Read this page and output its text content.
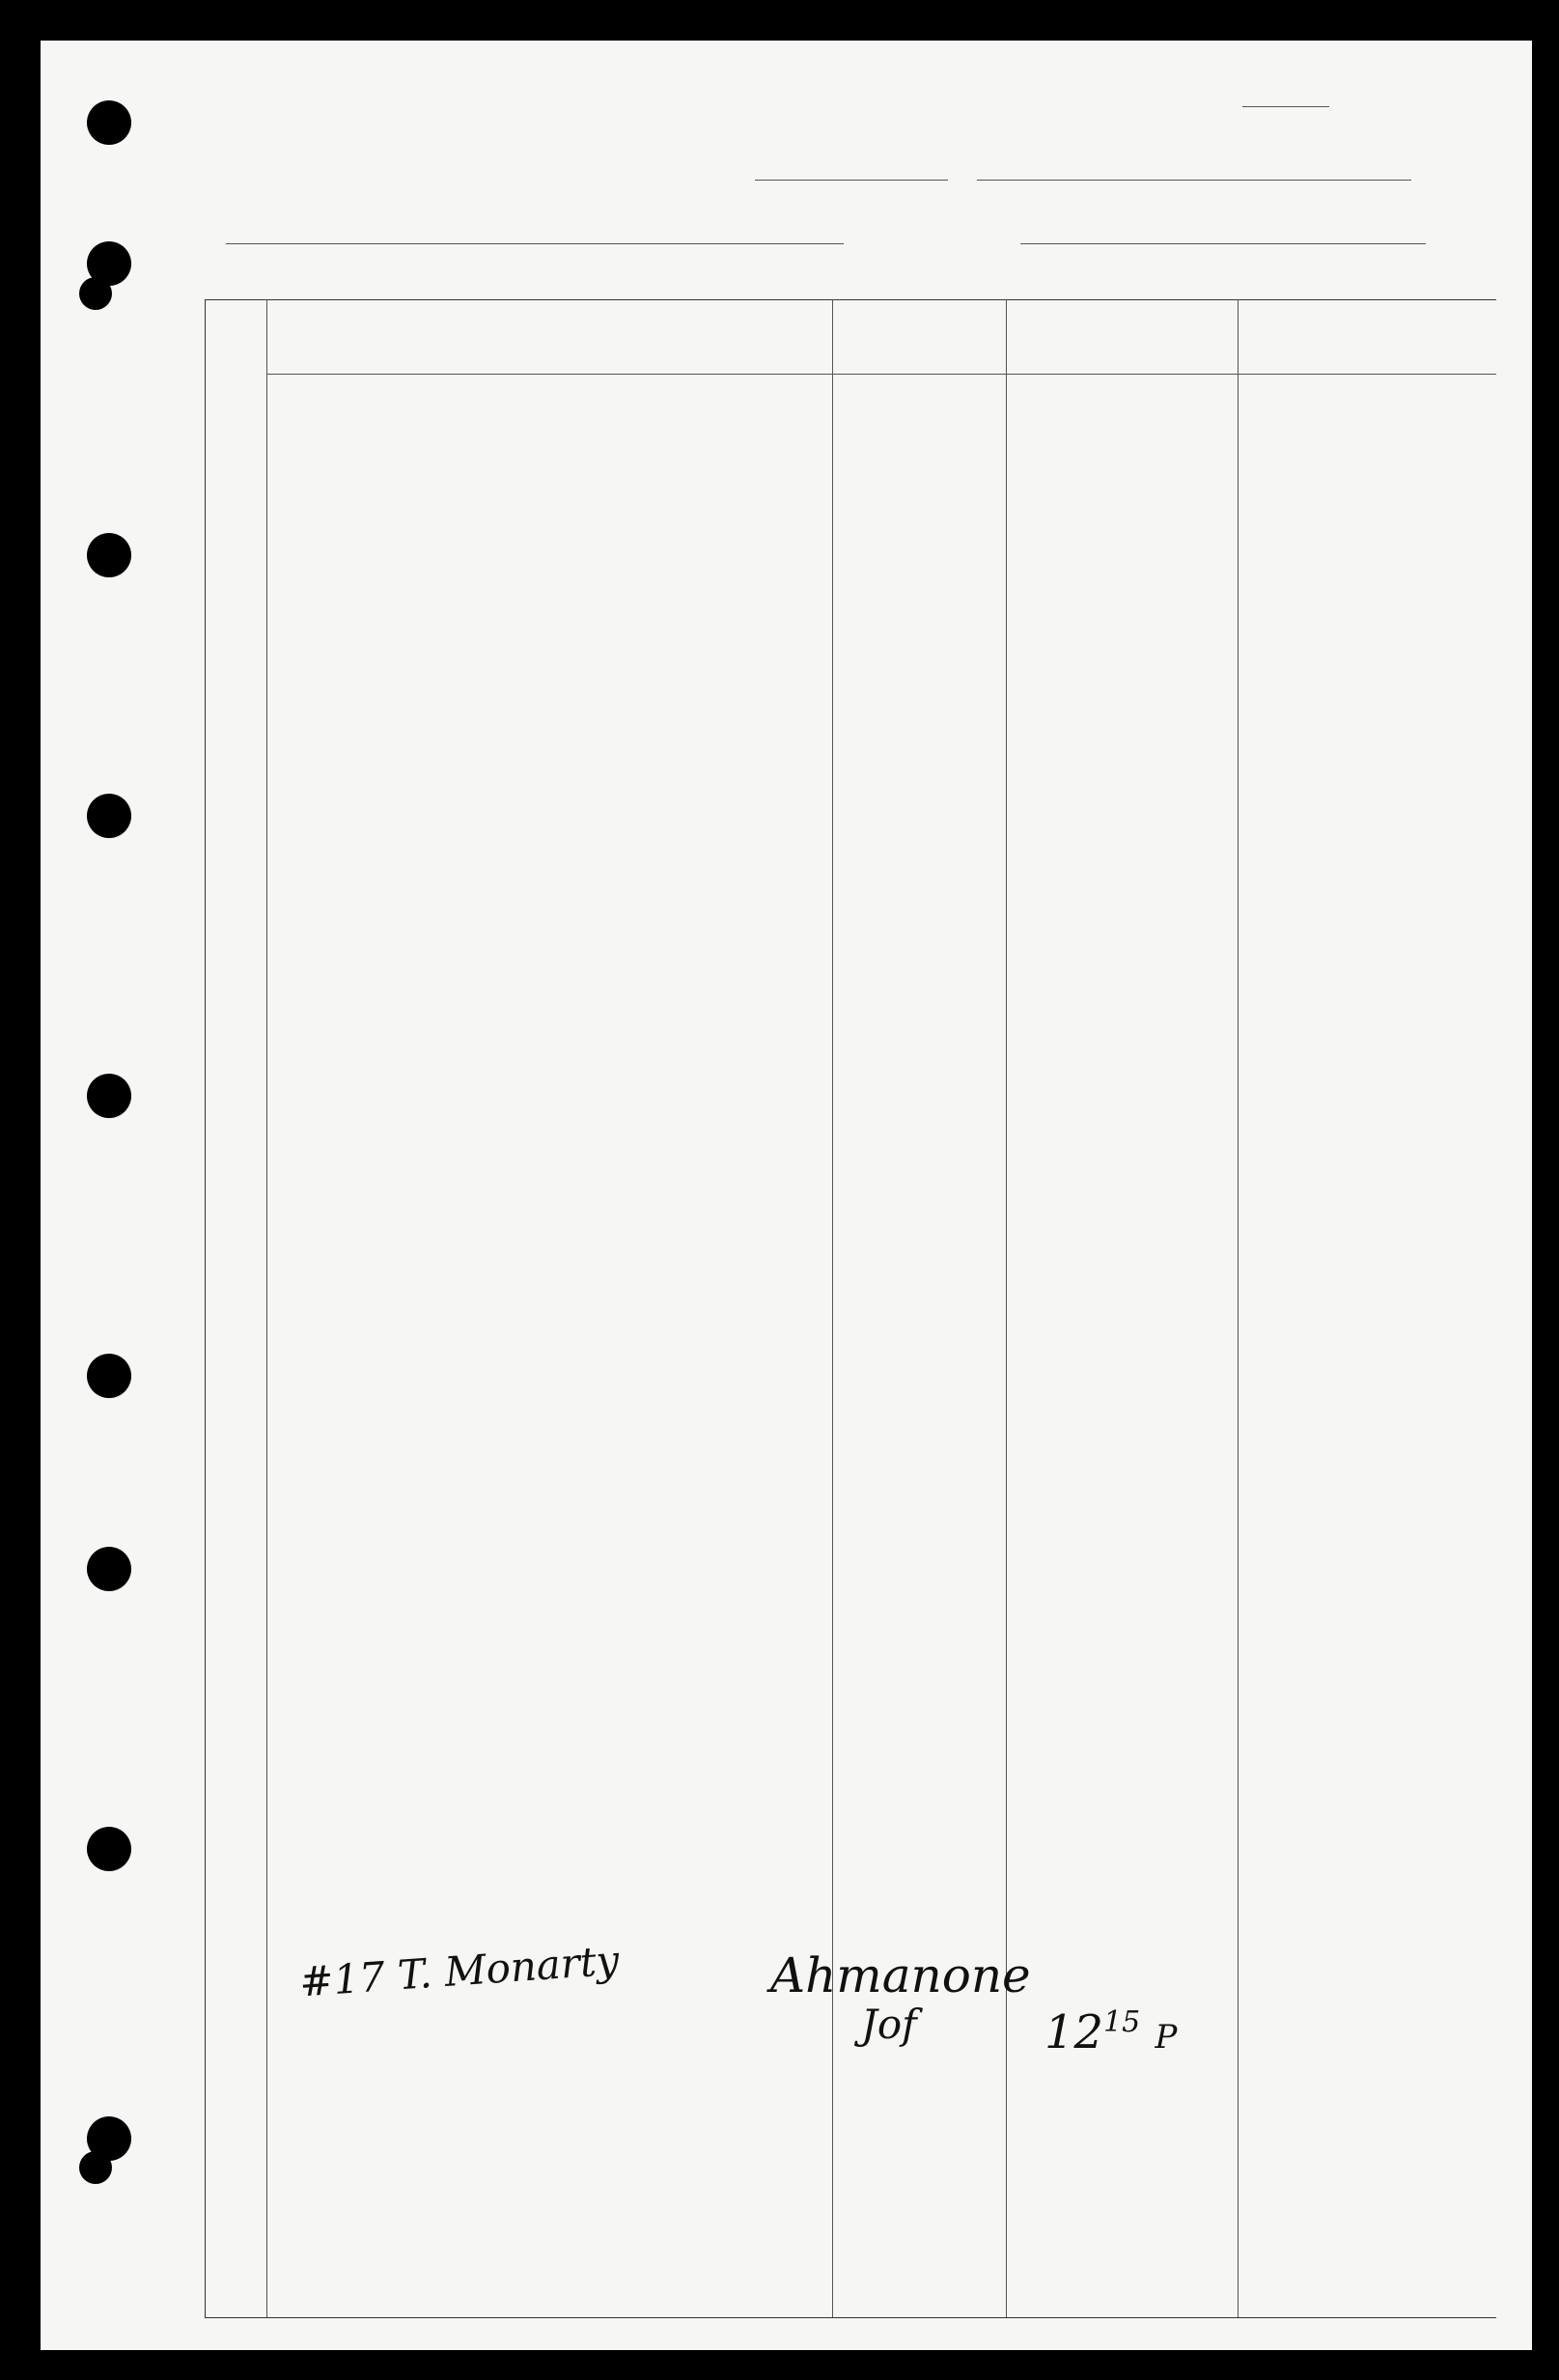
#17 T. Monarty	Ahmanone
Jof	$12^{15}$ P
